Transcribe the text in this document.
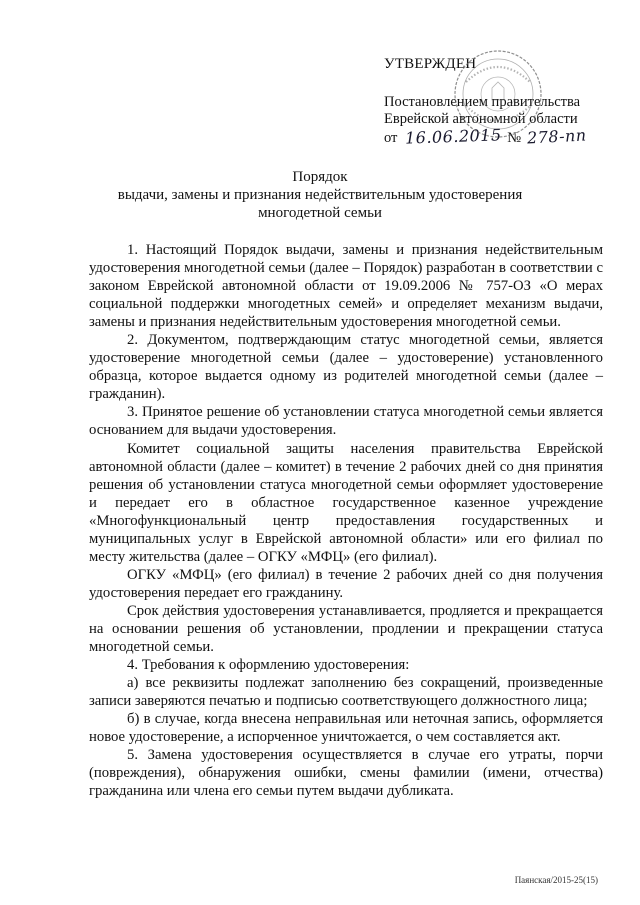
УТВЕРЖДЕН
Постановлением правительства
Еврейской автономной области
от 16.06.2015 № 278-пп
Порядок
выдачи, замены и признания недействительным удостоверения
многодетной семьи

1. Настоящий Порядок выдачи, замены и признания недействительным удостоверения многодетной семьи (далее – Порядок) разработан в соответствии с законом Еврейской автономной области от 19.09.2006 № 757-ОЗ «О мерах социальной поддержки многодетных семей» и определяет механизм выдачи, замены и признания недействительным удостоверения многодетной семьи.

2. Документом, подтверждающим статус многодетной семьи, является удостоверение многодетной семьи (далее – удостоверение) установленного образца, которое выдается одному из родителей многодетной семьи (далее – гражданин).

3. Принятое решение об установлении статуса многодетной семьи является основанием для выдачи удостоверения.

Комитет социальной защиты населения правительства Еврейской автономной области (далее – комитет) в течение 2 рабочих дней со дня принятия решения об установлении статуса многодетной семьи оформляет удостоверение и передает его в областное государственное казенное учреждение «Многофункциональный центр предоставления государственных и муниципальных услуг в Еврейской автономной области» или его филиал по месту жительства (далее – ОГКУ «МФЦ» (его филиал).

ОГКУ «МФЦ» (его филиал) в течение 2 рабочих дней со дня получения удостоверения передает его гражданину.

Срок действия удостоверения устанавливается, продляется и прекращается на основании решения об установлении, продлении и прекращении статуса многодетной семьи.

4. Требования к оформлению удостоверения:

а) все реквизиты подлежат заполнению без сокращений, произведенные записи заверяются печатью и подписью соответствующего должностного лица;

б) в случае, когда внесена неправильная или неточная запись, оформляется новое удостоверение, а испорченное уничтожается, о чем составляется акт.

5. Замена удостоверения осуществляется в случае его утраты, порчи (повреждения), обнаружения ошибки, смены фамилии (имени, отчества) гражданина или члена его семьи путем выдачи дубликата.

Паянская/2015-25(15)
